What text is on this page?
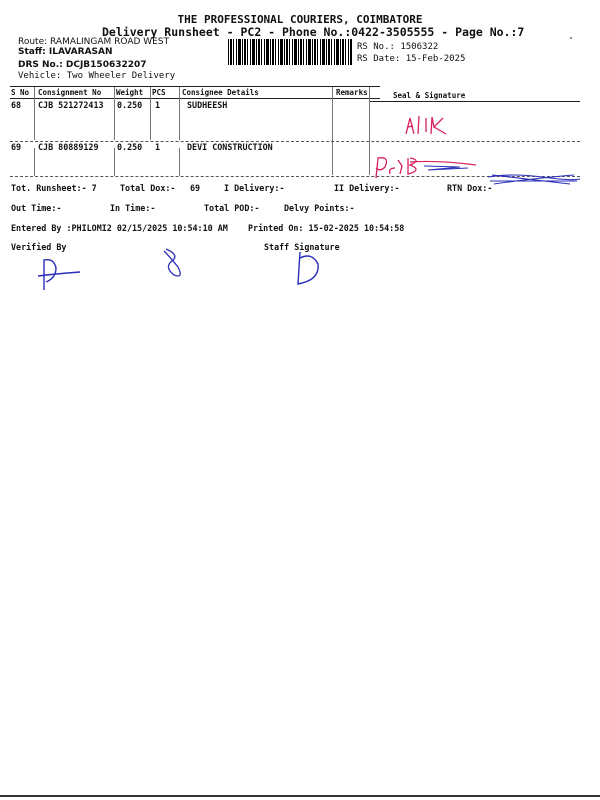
THE PROFESSIONAL COURIERS, COIMBATORE
Delivery Runsheet - PC2 - Phone No.:0422-3505555 - Page No.:7
Route: RAMALINGAM ROAD WEST
Staff: ILAVARASAN
DRS No.: DCJB150632207
Vehicle: Two Wheeler Delivery
RS No.: 1506322
RS Date: 15-Feb-2025
S No Consignment No Weight PCS Consignee Details	Remarks	Seal & Signature
68 CJB 521272413 0.250 1	SUDHEESH
69 CJB 80889129 0.250 1	DEVI CONSTRUCTION
Tot. Runsheet:- 7	Total Dox:- 69	I Delivery:-	II Delivery:-	RTN Dox:-
Out Time:-	In Time:-	Total POD:-	Delvy Points:-
Entered By :PHILOMI2 02/15/2025 10:54:10 AM Printed On: 15-02-2025 10:54:58
Verified By	Staff Signature
